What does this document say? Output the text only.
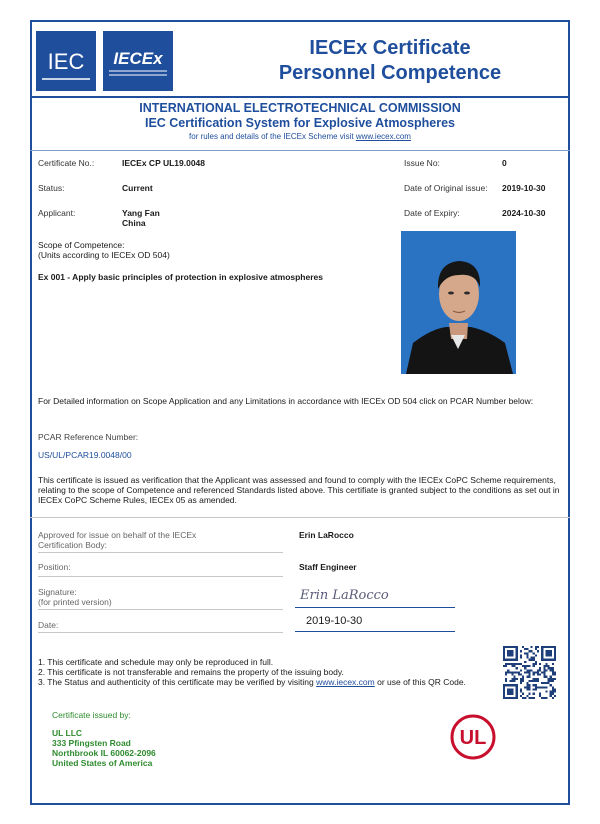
IEC IECEx	IECEx Certificate
Personnel Competence
INTERNATIONAL ELECTROTECHNICAL COMMISSION
IEC Certification System for Explosive Atmospheres
for rules and details of the IECEx Scheme visit www.iecex.com
Certificate No.:	IECEx CP UL19.0048	Issue No:	0
Status:	Current	Date of Original issue: 2019-10-30
Applicant:	Yang Fan
China
Date of Expiry:	2024-10-30
Scope of Competence:
(Units according to IECEx OD 504)
Ex 001 - Apply basic principles of protection in explosive atmospheres
For Detailed information on Scope Application and any Limitations in accordance with IECEx OD 504 click on PCAR Number below:
PCAR Reference Number:
US/UL/PCAR19.0048/00
This certificate is issued as verification that the Applicant was assessed and found to comply with the IECEx CoPC Scheme requirements,
relating to the scope of Competence and referenced Standards listed above. This certifiate is granted subject to the conditions as set out in
IECEx CoPC Scheme Rules, IECEx 05 as amended.
Approved for issue on behalf of the IECEx
Certification Body:
Erin LaRocco
Position:	Staff Engineer
Signature:
(for printed version)	Erin LaRocco
Date:	2019-10-30
1. This certificate and schedule may only be reproduced in full.
2. This certificate is not transferable and remains the property of the issuing body.
3. The Status and authenticity of this certificate may be verified by visiting www.iecex.com or use of this QR Code.
Certificate issued by:
UL LLC
333 Pfingsten Road
Northbrook IL 60062-2096
United States of America
UL
